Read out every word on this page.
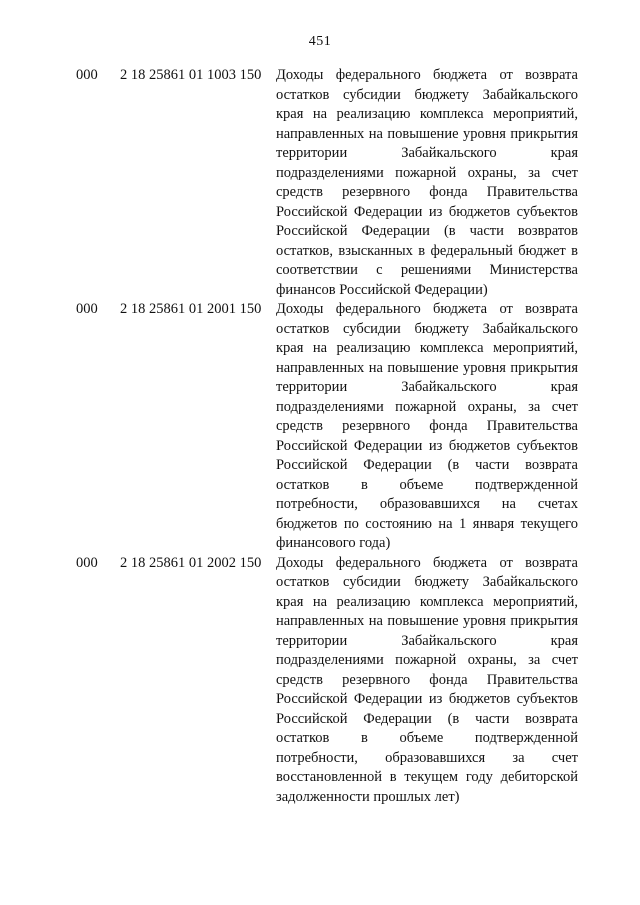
451
000	2 18 25861 01 1003 150	Доходы федерального бюджета от возврата остатков субсидии бюджету Забайкальского края на реализацию комплекса мероприятий, направленных на повышение уровня прикрытия территории Забайкальского края подразделениями пожарной охраны, за счет средств резервного фонда Правительства Российской Федерации из бюджетов субъектов Российской Федерации (в части возвратов остатков, взысканных в федеральный бюджет в соответствии с решениями Министерства финансов Российской Федерации)
000	2 18 25861 01 2001 150	Доходы федерального бюджета от возврата остатков субсидии бюджету Забайкальского края на реализацию комплекса мероприятий, направленных на повышение уровня прикрытия территории Забайкальского края подразделениями пожарной охраны, за счет средств резервного фонда Правительства Российской Федерации из бюджетов субъектов Российской Федерации (в части возврата остатков в объеме подтвержденной потребности, образовавшихся на счетах бюджетов по состоянию на 1 января текущего финансового года)
000	2 18 25861 01 2002 150	Доходы федерального бюджета от возврата остатков субсидии бюджету Забайкальского края на реализацию комплекса мероприятий, направленных на повышение уровня прикрытия территории Забайкальского края подразделениями пожарной охраны, за счет средств резервного фонда Правительства Российской Федерации из бюджетов субъектов Российской Федерации (в части возврата остатков в объеме подтвержденной потребности, образовавшихся за счет восстановленной в текущем году дебиторской задолженности прошлых лет)
